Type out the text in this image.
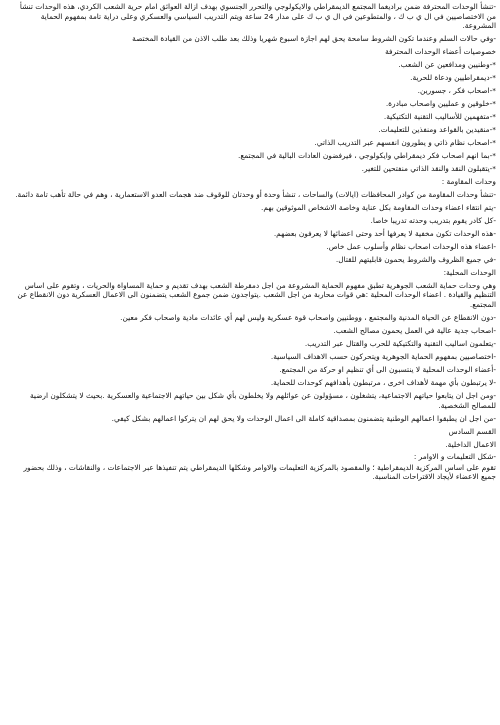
-تنشأ الوحدات المحترفة ضمن براديغما المجتمع الديمقراطي والايكولوجي والتحرر الجنسوي بهدف ازالة العوائق امام حرية الشعب الكردي، هذه الوحدات تنشأ من الاختصاصيين في ال ي ب ك ، والمتطوعين في ال ي ب ك على مدار 24 ساعة ويتم التدريب السياسي والعسكري وعلى دراية تامة بمفهوم الحماية المشروعة.

-وفي حالات السلم وعندما تكون الشروط سامحة يحق لهم اجازة اسبوع شهريا وذلك بعد طلب الاذن من القيادة المختصة

خصوصيات أعضاء الوحدات المحترفة

*-وطنيين ومدافعين عن الشعب.

*-ديمقراطيين ودعاة للحرية.

*-اصحاب فكر ، جسورين.

*-خلوقين و عمليين واصحاب مبادرة.

*-متفهمين للأساليب التقنية التكتيكية.

*-منقيدين بالقواعد ومنفذين للتعليمات.

*-اصحاب نظام ذاتي و يطورون انفسهم عبر التدريب الذاتي.

*-بما انهم اصحاب فكر ديمقراطي وايكولوجي ، فيرفضون العادات البالية في المجتمع.

*-يتقبلون النقد والنقد الذاتي منفتحين للتغير.

وحدات المقاومة :

-تنشأ وحدات المقاومة من كوادر المحافظات (ايالات) والساحات ، تنشأ وحدة أو وحدتان للوقوف ضد هجمات العدو الاستعمارية ، وهم في حالة تأهب تامة دائمة.

-يتم انتقاء اعضاء وحدات المقاومة بكل عناية وخاصة الاشخاص الموثوقين بهم.

-كل كادر يقوم بتدريب وحدته تدريبا خاصا.

-هذه الوحدات تكون مخفية لا يعرفها أحد وحتى اعضائها لا يعرفون بعضهم.

-اعضاء هذه الوحدات اصحاب نظام وأسلوب عمل خاص.

-في جميع الظروف والشروط يحمون قابليتهم للقتال.

الوحدات المحلية:

وهي وحدات حماية الشعب الجوهرية تطبق مفهوم الحماية المشروعة من اجل دمقرطة الشعب بهدف تقديم و حماية المساواة والحريات ، وتقوم على اساس التنظيم والقيادة . اعضاء الوحدات المحلية :هي قوات محاربة من اجل الشعب .يتواجدون ضمن جموع الشعب يتضمنون الى الاعمال العسكرية دون الانقطاع عن المجتمع.

-دون الانقطاع عن الحياة المدنية والمجتمع ، ووطنيين واصحاب قوة عسكرية وليس لهم أي عائدات مادية واصحاب فكر معين.

-اصحاب جدية عالية في العمل يحمون مصالح الشعب.

-يتعلمون اساليب التقنية والتكتيكية للحرب والقتال عبر التدريب.

-اختصاصيين بمفهوم الحماية الجوهرية ويتحركون حسب الاهداف السياسية.

-أعضاء الوحدات المحلية لا ينتسبون الى أي تنظيم او حركة من المجتمع.

-لا يرتبطون بأي مهمة لأهداف اخرى ، مرتبطون بأهدافهم كوحدات للحماية.

-ومن اجل ان يتابعوا حياتهم الاجتماعية، يتشغلون ، مسؤولون عن عوائلهم ولا يخلطون بأي شكل بين حياتهم الاجتماعية والعسكرية .بحيث لا يتشكلون ارضية للمصالح الشخصية.

-من اجل ان يطبقوا اعمالهم الوطنية يتضمنون بمصداقية كاملة الى اعمال الوحدات ولا يحق لهم ان يتركوا اعمالهم بشكل كيفي.

القسم السادس

الاعمال الداخلية.

-شكل التعليمات و الاوامر :

تقوم على اساس المركزية الديمقراطية ؛ والمقصود بالمركزية التعليمات والاوامر وشكلها الديمقراطي يتم تنفيذها عبر الاجتماعات ، والنقاشات ، وذلك بحضور جميع الاعضاء لأيجاد الاقتراحات المناسبة.
